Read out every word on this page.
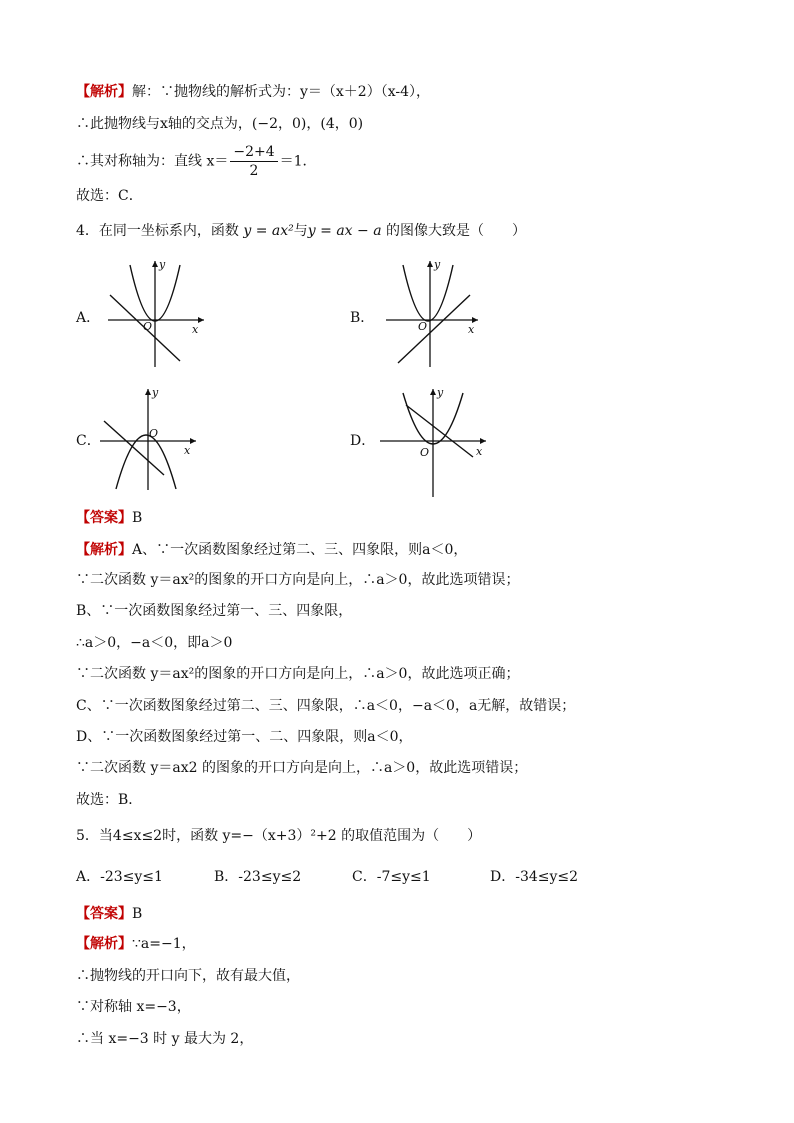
【解析】解：∵抛物线的解析式为：y＝（x＋2）（x-4），
∴此抛物线与x轴的交点为，(−2，0)，(4，0)
∴其对称轴为：直线 $x= \frac{-2+4}{2} =1$．
故选：C．
4．在同一坐标系内，函数 y = ax²与y = ax − a 的图像大致是（　　）
A．	B．
C．	D．
y
x
O
y
x
O
y
x
O
y
x
O
【答案】B
【解析】A、∵一次函数图象经过第二、三、四象限，则a＜0，
∵二次函数 y＝ax²的图象的开口方向是向上，∴a＞0，故此选项错误；
B、∵一次函数图象经过第一、三、四象限，
∴a＞0，−a＜0，即a＞0
∵二次函数 y＝ax²的图象的开口方向是向上，∴a＞0，故此选项正确；
C、∵一次函数图象经过第二、三、四象限，∴a＜0，−a＜0，a无解，故错误；
D、∵一次函数图象经过第一、二、四象限，则a＜0，
∵二次函数 y＝ax2 的图象的开口方向是向上，∴a＞0，故此选项错误；
故选：B．
5．当4≤x≤2时，函数 y=−（x+3）²+2 的取值范围为（　　）
A．-23≤y≤1	B．-23≤y≤2	C．-7≤y≤1	D．-34≤y≤2
【答案】B
【解析】∵a=−1，
∴抛物线的开口向下，故有最大值，
∵对称轴 x=−3，
∴当 x=−3 时 y 最大为 2，
